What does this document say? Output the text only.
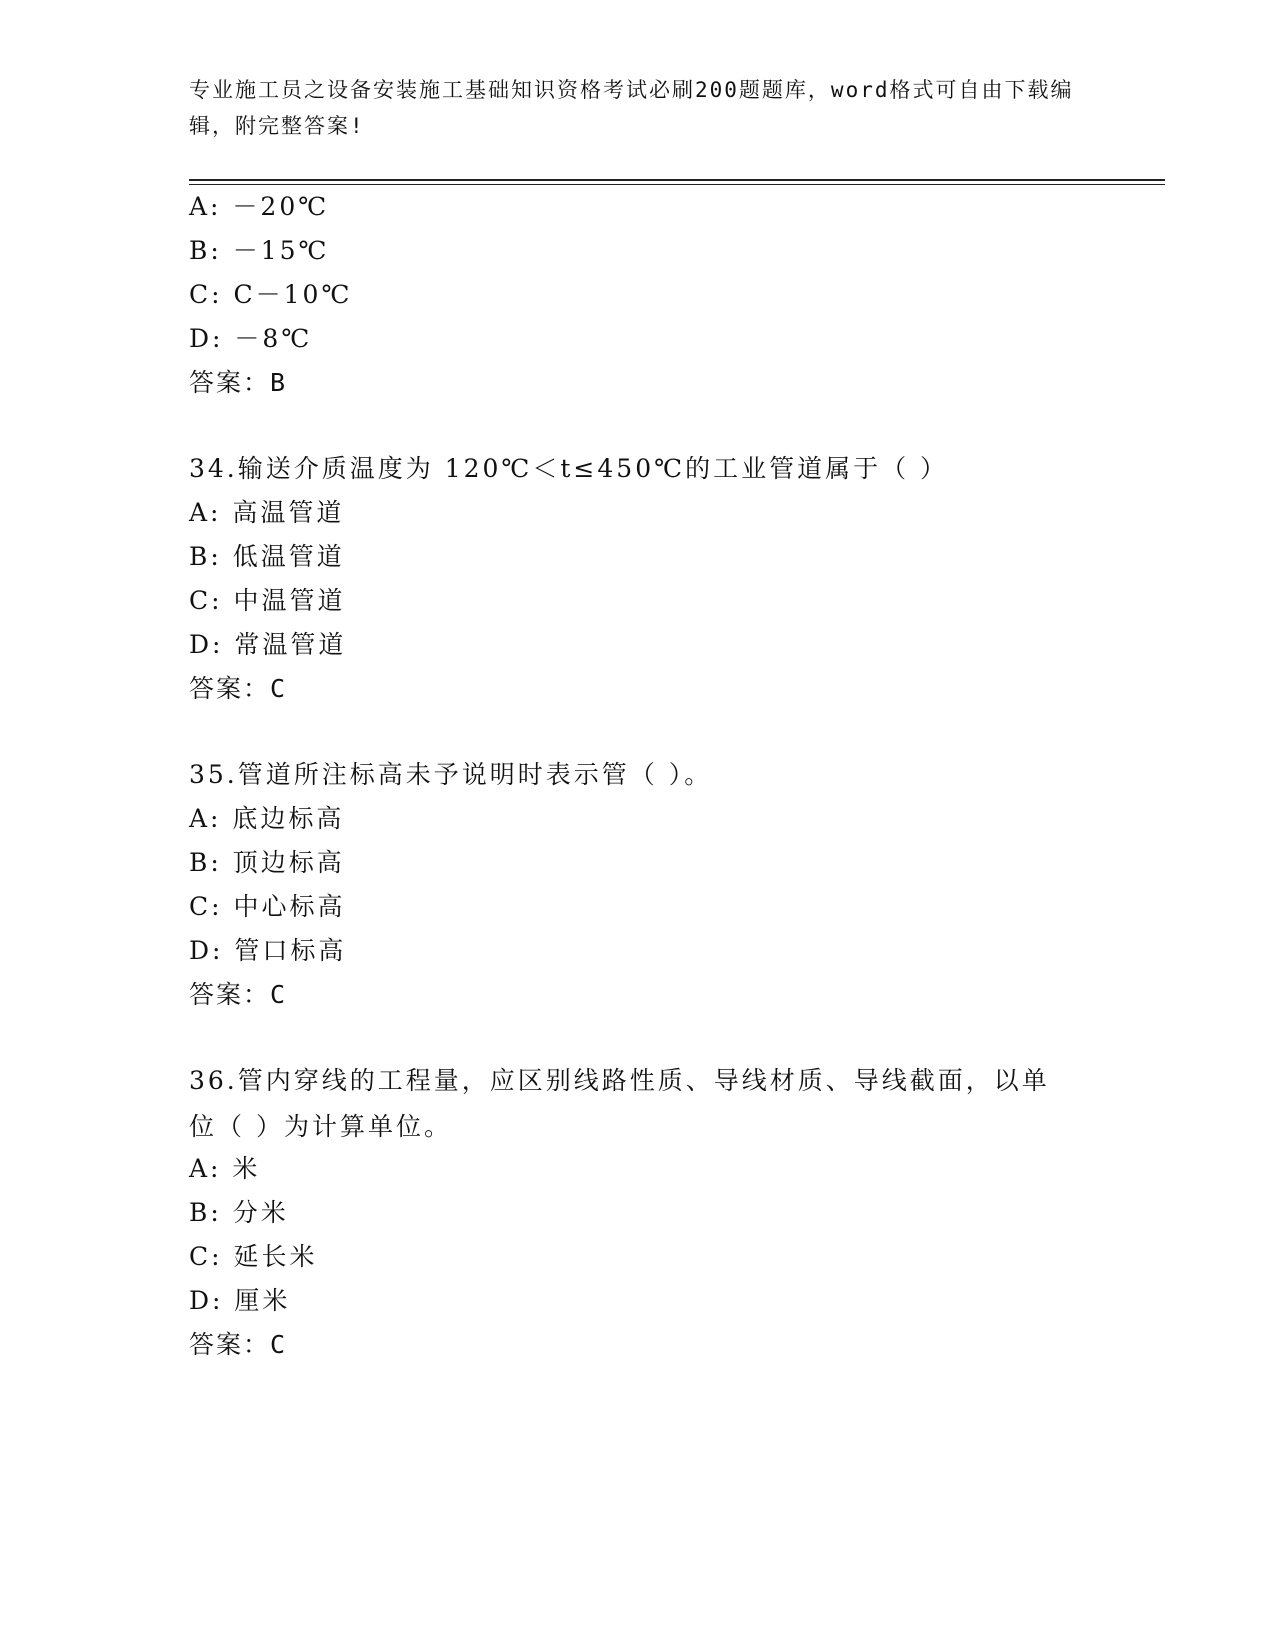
专业施工员之设备安装施工基础知识资格考试必刷200题题库，word格式可自由下载编辑，附完整答案!
A: －20℃
B: －15℃
C: C－10℃
D: －8℃
答案：B
34.输送介质温度为 120℃＜t≤450℃的工业管道属于（ ）
A: 高温管道
B: 低温管道
C: 中温管道
D: 常温管道
答案：C
35.管道所注标高未予说明时表示管（ ）。
A: 底边标高
B: 顶边标高
C: 中心标高
D: 管口标高
答案：C
36.管内穿线的工程量，应区别线路性质、导线材质、导线截面，以单位（ ）为计算单位。
A: 米
B: 分米
C: 延长米
D: 厘米
答案：C
